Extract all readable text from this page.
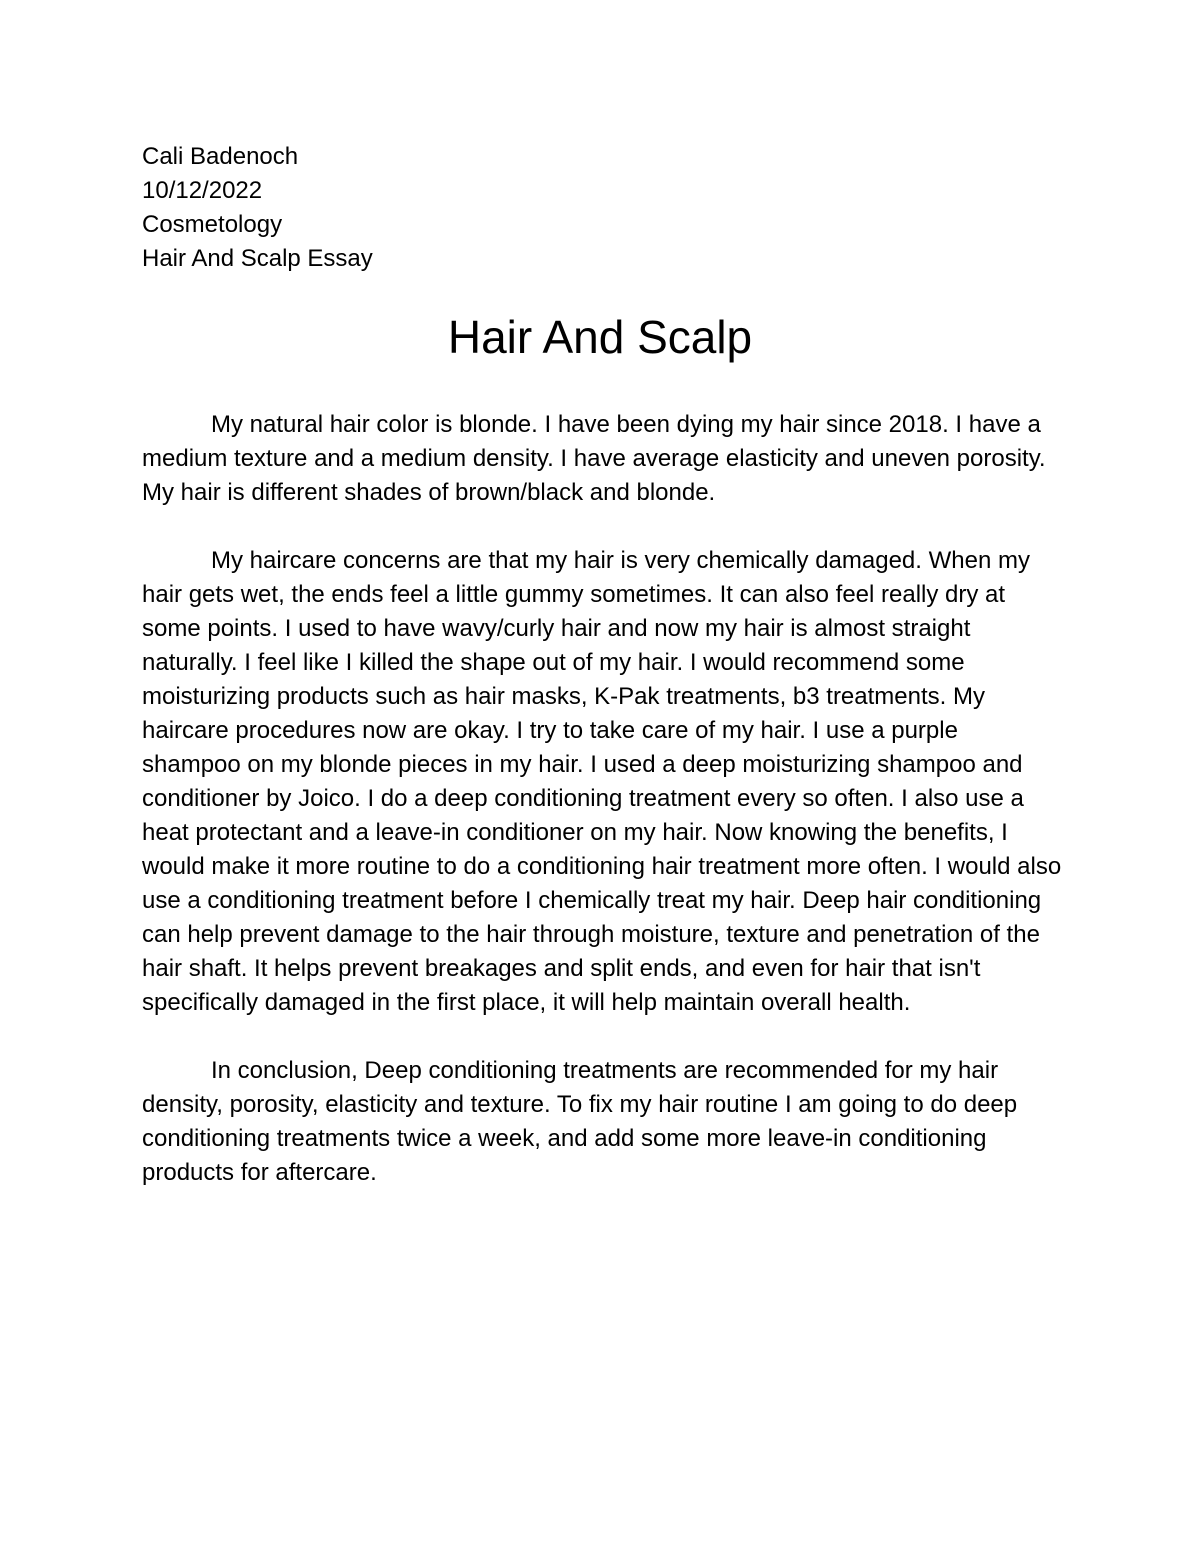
Cali Badenoch
10/12/2022
Cosmetology
Hair And Scalp Essay
Hair And Scalp

My natural hair color is blonde. I have been dying my hair since 2018. I have a medium texture and a medium density. I have average elasticity and uneven porosity. My hair is different shades of brown/black and blonde.

My haircare concerns are that my hair is very chemically damaged. When my hair gets wet, the ends feel a little gummy sometimes. It can also feel really dry at some points. I used to have wavy/curly hair and now my hair is almost straight naturally. I feel like I killed the shape out of my hair. I would recommend some moisturizing products such as hair masks, K-Pak treatments, b3 treatments. My haircare procedures now are okay. I try to take care of my hair. I use a purple shampoo on my blonde pieces in my hair. I used a deep moisturizing shampoo and conditioner by Joico. I do a deep conditioning treatment every so often. I also use a heat protectant and a leave-in conditioner on my hair. Now knowing the benefits, I would make it more routine to do a conditioning hair treatment more often. I would also use a conditioning treatment before I chemically treat my hair. Deep hair conditioning can help prevent damage to the hair through moisture, texture and penetration of the hair shaft. It helps prevent breakages and split ends, and even for hair that isn't specifically damaged in the first place, it will help maintain overall health.

In conclusion, Deep conditioning treatments are recommended for my hair density, porosity, elasticity and texture. To fix my hair routine I am going to do deep conditioning treatments twice a week, and add some more leave-in conditioning products for aftercare.
